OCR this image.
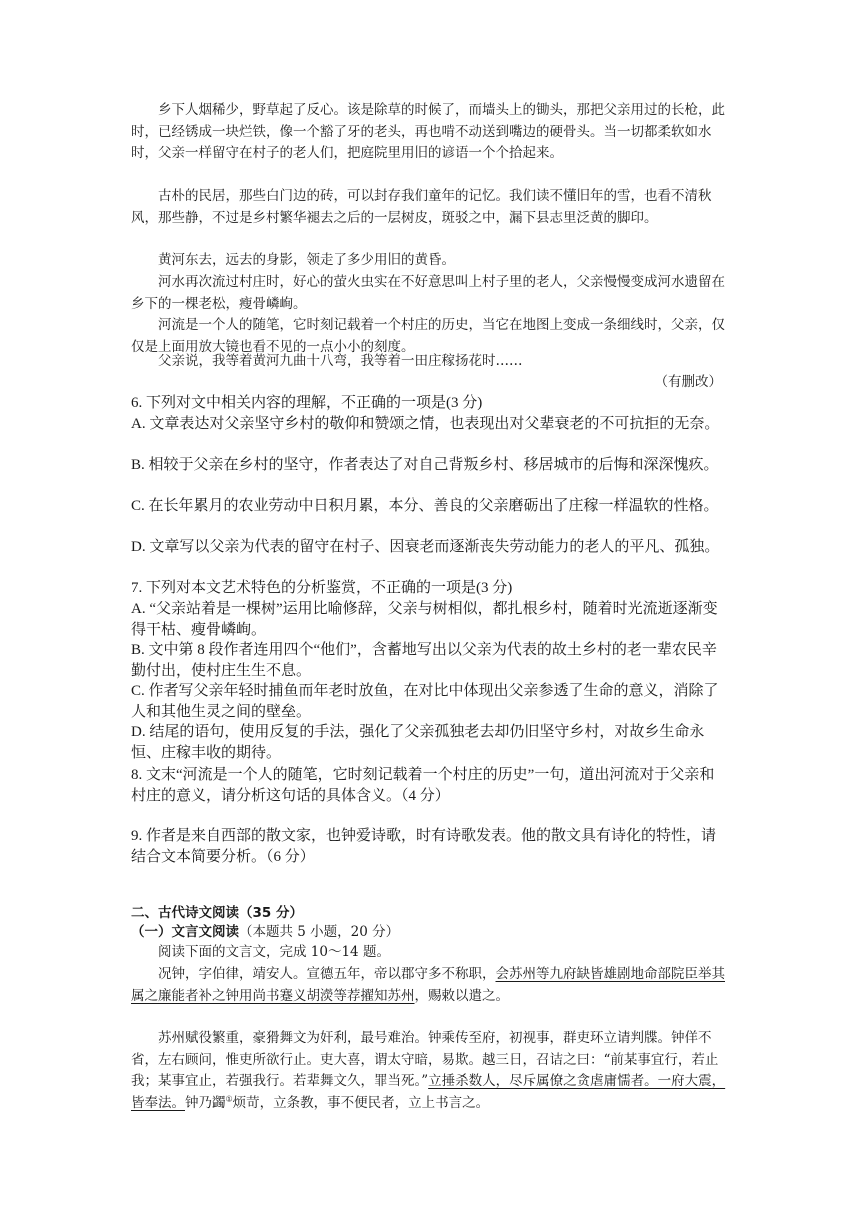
乡下人烟稀少，野草起了反心。该是除草的时候了，而墙头上的锄头，那把父亲用过的长枪，此时，已经锈成一块烂铁，像一个豁了牙的老头，再也啃不动送到嘴边的硬骨头。当一切都柔软如水时，父亲一样留守在村子的老人们，把庭院里用旧的谚语一个个拾起来。

古朴的民居，那些白门边的砖，可以封存我们童年的记忆。我们读不懂旧年的雪，也看不清秋风，那些静，不过是乡村繁华褪去之后的一层树皮，斑驳之中，漏下县志里泛黄的脚印。

黄河东去，远去的身影，领走了多少用旧的黄昏。

河水再次流过村庄时，好心的萤火虫实在不好意思叫上村子里的老人，父亲慢慢变成河水遗留在乡下的一棵老松，瘦骨嶙峋。

河流是一个人的随笔，它时刻记载着一个村庄的历史，当它在地图上变成一条细线时，父亲，仅仅是上面用放大镜也看不见的一点小小的刻度。

父亲说，我等着黄河九曲十八弯，我等着一田庄稼扬花时……

（有删改）

6. 下列对文中相关内容的理解，不正确的一项是(3 分)

A. 文章表达对父亲坚守乡村的敬仰和赞颂之情，也表现出对父辈衰老的不可抗拒的无奈。

B. 相较于父亲在乡村的坚守，作者表达了对自己背叛乡村、移居城市的后悔和深深愧疚。

C. 在长年累月的农业劳动中日积月累，本分、善良的父亲磨砺出了庄稼一样温软的性格。

D. 文章写以父亲为代表的留守在村子、因衰老而逐渐丧失劳动能力的老人的平凡、孤独。

7. 下列对本文艺术特色的分析鉴赏，不正确的一项是(3 分)

A. “父亲站着是一棵树”运用比喻修辞，父亲与树相似，都扎根乡村，随着时光流逝逐渐变得干枯、瘦骨嶙峋。

B. 文中第 8 段作者连用四个“他们”，含蓄地写出以父亲为代表的故土乡村的老一辈农民辛勤付出，使村庄生生不息。

C. 作者写父亲年轻时捕鱼而年老时放鱼，在对比中体现出父亲参透了生命的意义，消除了人和其他生灵之间的壁垒。

D. 结尾的语句，使用反复的手法，强化了父亲孤独老去却仍旧坚守乡村，对故乡生命永恒、庄稼丰收的期待。

8. 文末“河流是一个人的随笔，它时刻记载着一个村庄的历史”一句，道出河流对于父亲和村庄的意义，请分析这句话的具体含义。（4 分）

9. 作者是来自西部的散文家，也钟爱诗歌，时有诗歌发表。他的散文具有诗化的特性，请结合文本简要分析。（6 分）

二、古代诗文阅读（35 分）

（一）文言文阅读（本题共 5 小题，20 分）

阅读下面的文言文，完成 10～14 题。

况钟，字伯律，靖安人。宣德五年，帝以郡守多不称职，会苏州等九府缺皆雄剧地命部院臣举其属之廉能者补之钟用尚书蹇义胡濙等荐擢知苏州，赐敕以遣之。

苏州赋役繁重，豪猾舞文为奸利，最号难治。钟乘传至府，初视事，群吏环立请判牒。钟佯不省，左右顾问，惟吏所欲行止。吏大喜，谓太守暗，易欺。越三日，召诘之曰：“前某事宜行，若止我；某事宜止，若强我行。若辈舞文久，罪当死。”立捶杀数人，尽斥属僚之贪虐庸懦者。一府大震，皆奉法。钟乃蠲①烦苛，立条教，事不便民者，立上书言之。
